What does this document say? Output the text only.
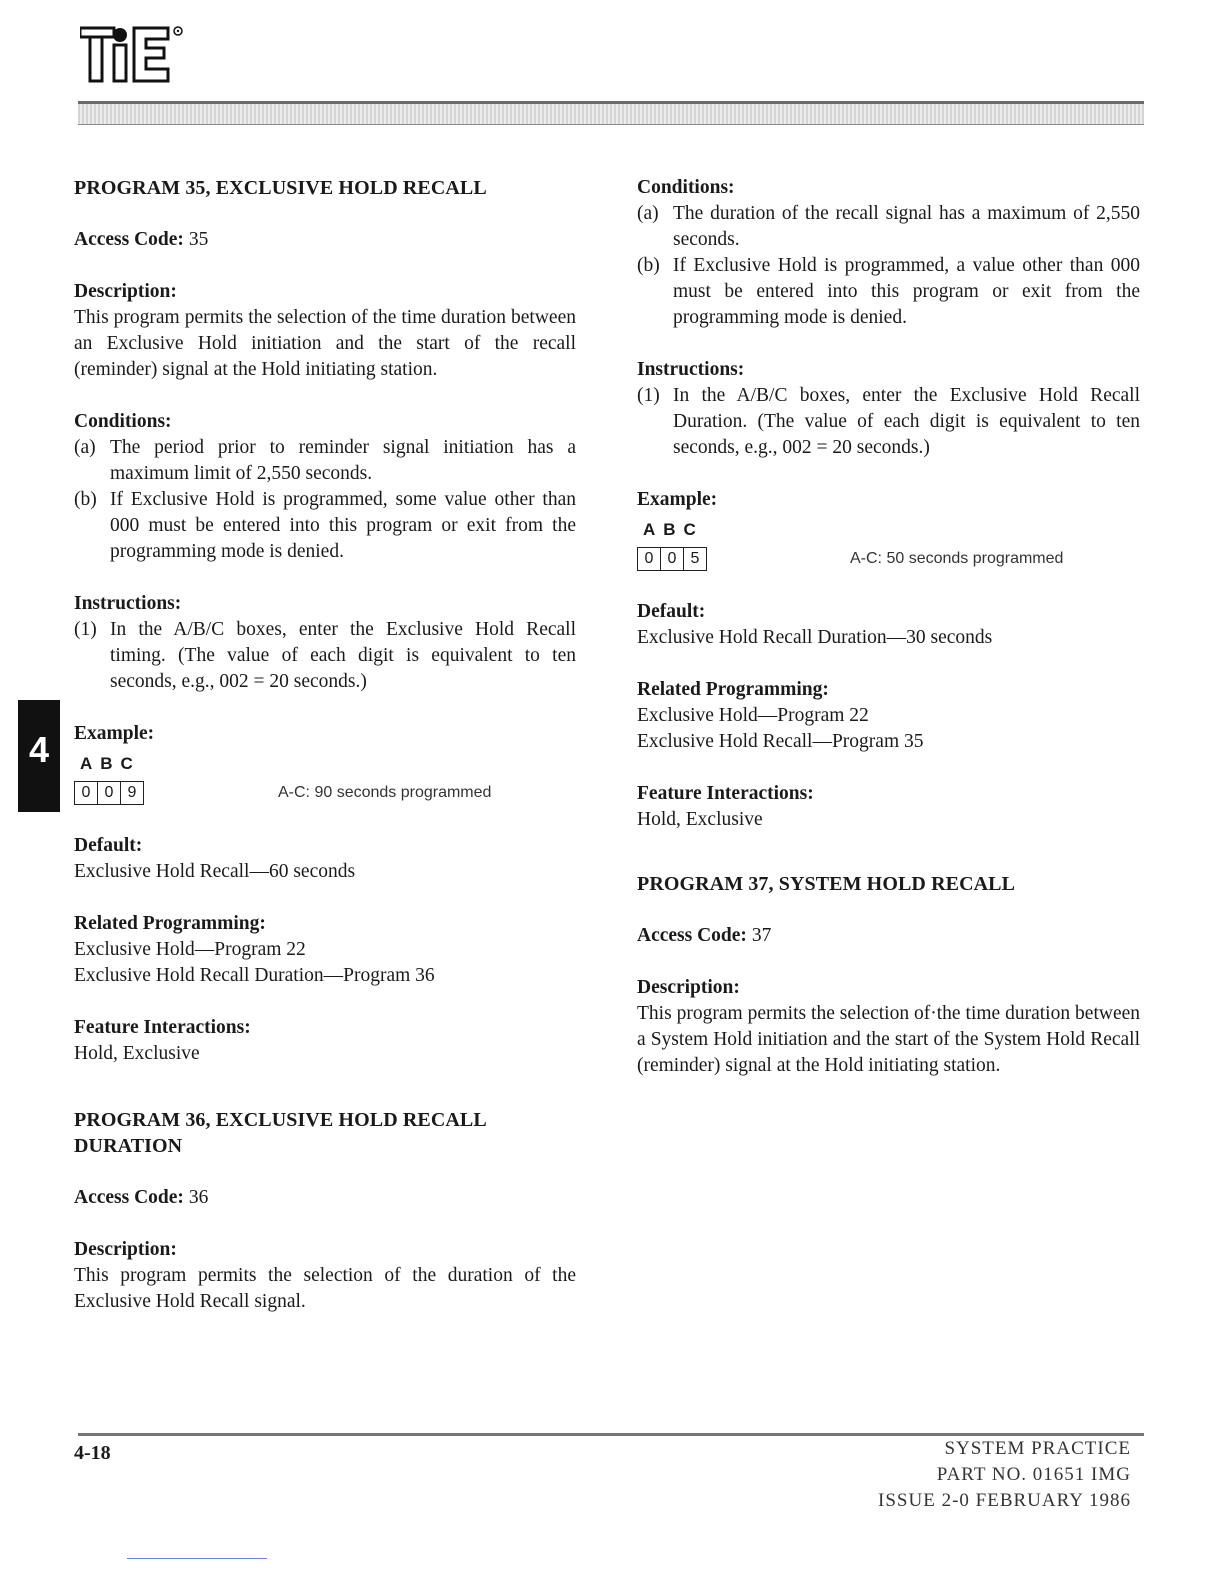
4
PROGRAM 35, EXCLUSIVE HOLD RECALL

Access Code: 35

Description:

This program permits the selection of the time duration between an Exclusive Hold initiation and the start of the recall (reminder) signal at the Hold initiating station.

Conditions:
(a) The period prior to reminder signal initiation has a maximum limit of 2,550 seconds.
(b) If Exclusive Hold is programmed, some value other than 000 must be entered into this program or exit from the programming mode is denied.
Instructions:
(1) In the A/B/C boxes, enter the Exclusive Hold Recall timing. (The value of each digit is equivalent to ten seconds, e.g., 002 = 20 seconds.)
Example:
ABC
0 0 9	A-C: 90 seconds programmed
Default:

Exclusive Hold Recall—60 seconds

Related Programming:

Exclusive Hold—Program 22

Exclusive Hold Recall Duration—Program 36

Feature Interactions:

Hold, Exclusive

PROGRAM 36, EXCLUSIVE HOLD RECALL
DURATION

Access Code: 36

Description:

This program permits the selection of the duration of the Exclusive Hold Recall signal.

Conditions:
(a) The duration of the recall signal has a maximum of 2,550 seconds.
(b) If Exclusive Hold is programmed, a value other than 000 must be entered into this program or exit from the programming mode is denied.
Instructions:
(1) In the A/B/C boxes, enter the Exclusive Hold Recall Duration. (The value of each digit is equivalent to ten seconds, e.g., 002 = 20 seconds.)
Example:
ABC
0 0 5	A-C: 50 seconds programmed
Default:

Exclusive Hold Recall Duration—30 seconds

Related Programming:

Exclusive Hold—Program 22

Exclusive Hold Recall—Program 35

Feature Interactions:

Hold, Exclusive

PROGRAM 37, SYSTEM HOLD RECALL

Access Code: 37

Description:

This program permits the selection of·the time duration between a System Hold initiation and the start of the System Hold Recall (reminder) signal at the Hold initiating station.

4-18	SYSTEM PRACTICE
PART NO. 01651 IMG
ISSUE 2-0 FEBRUARY 1986
